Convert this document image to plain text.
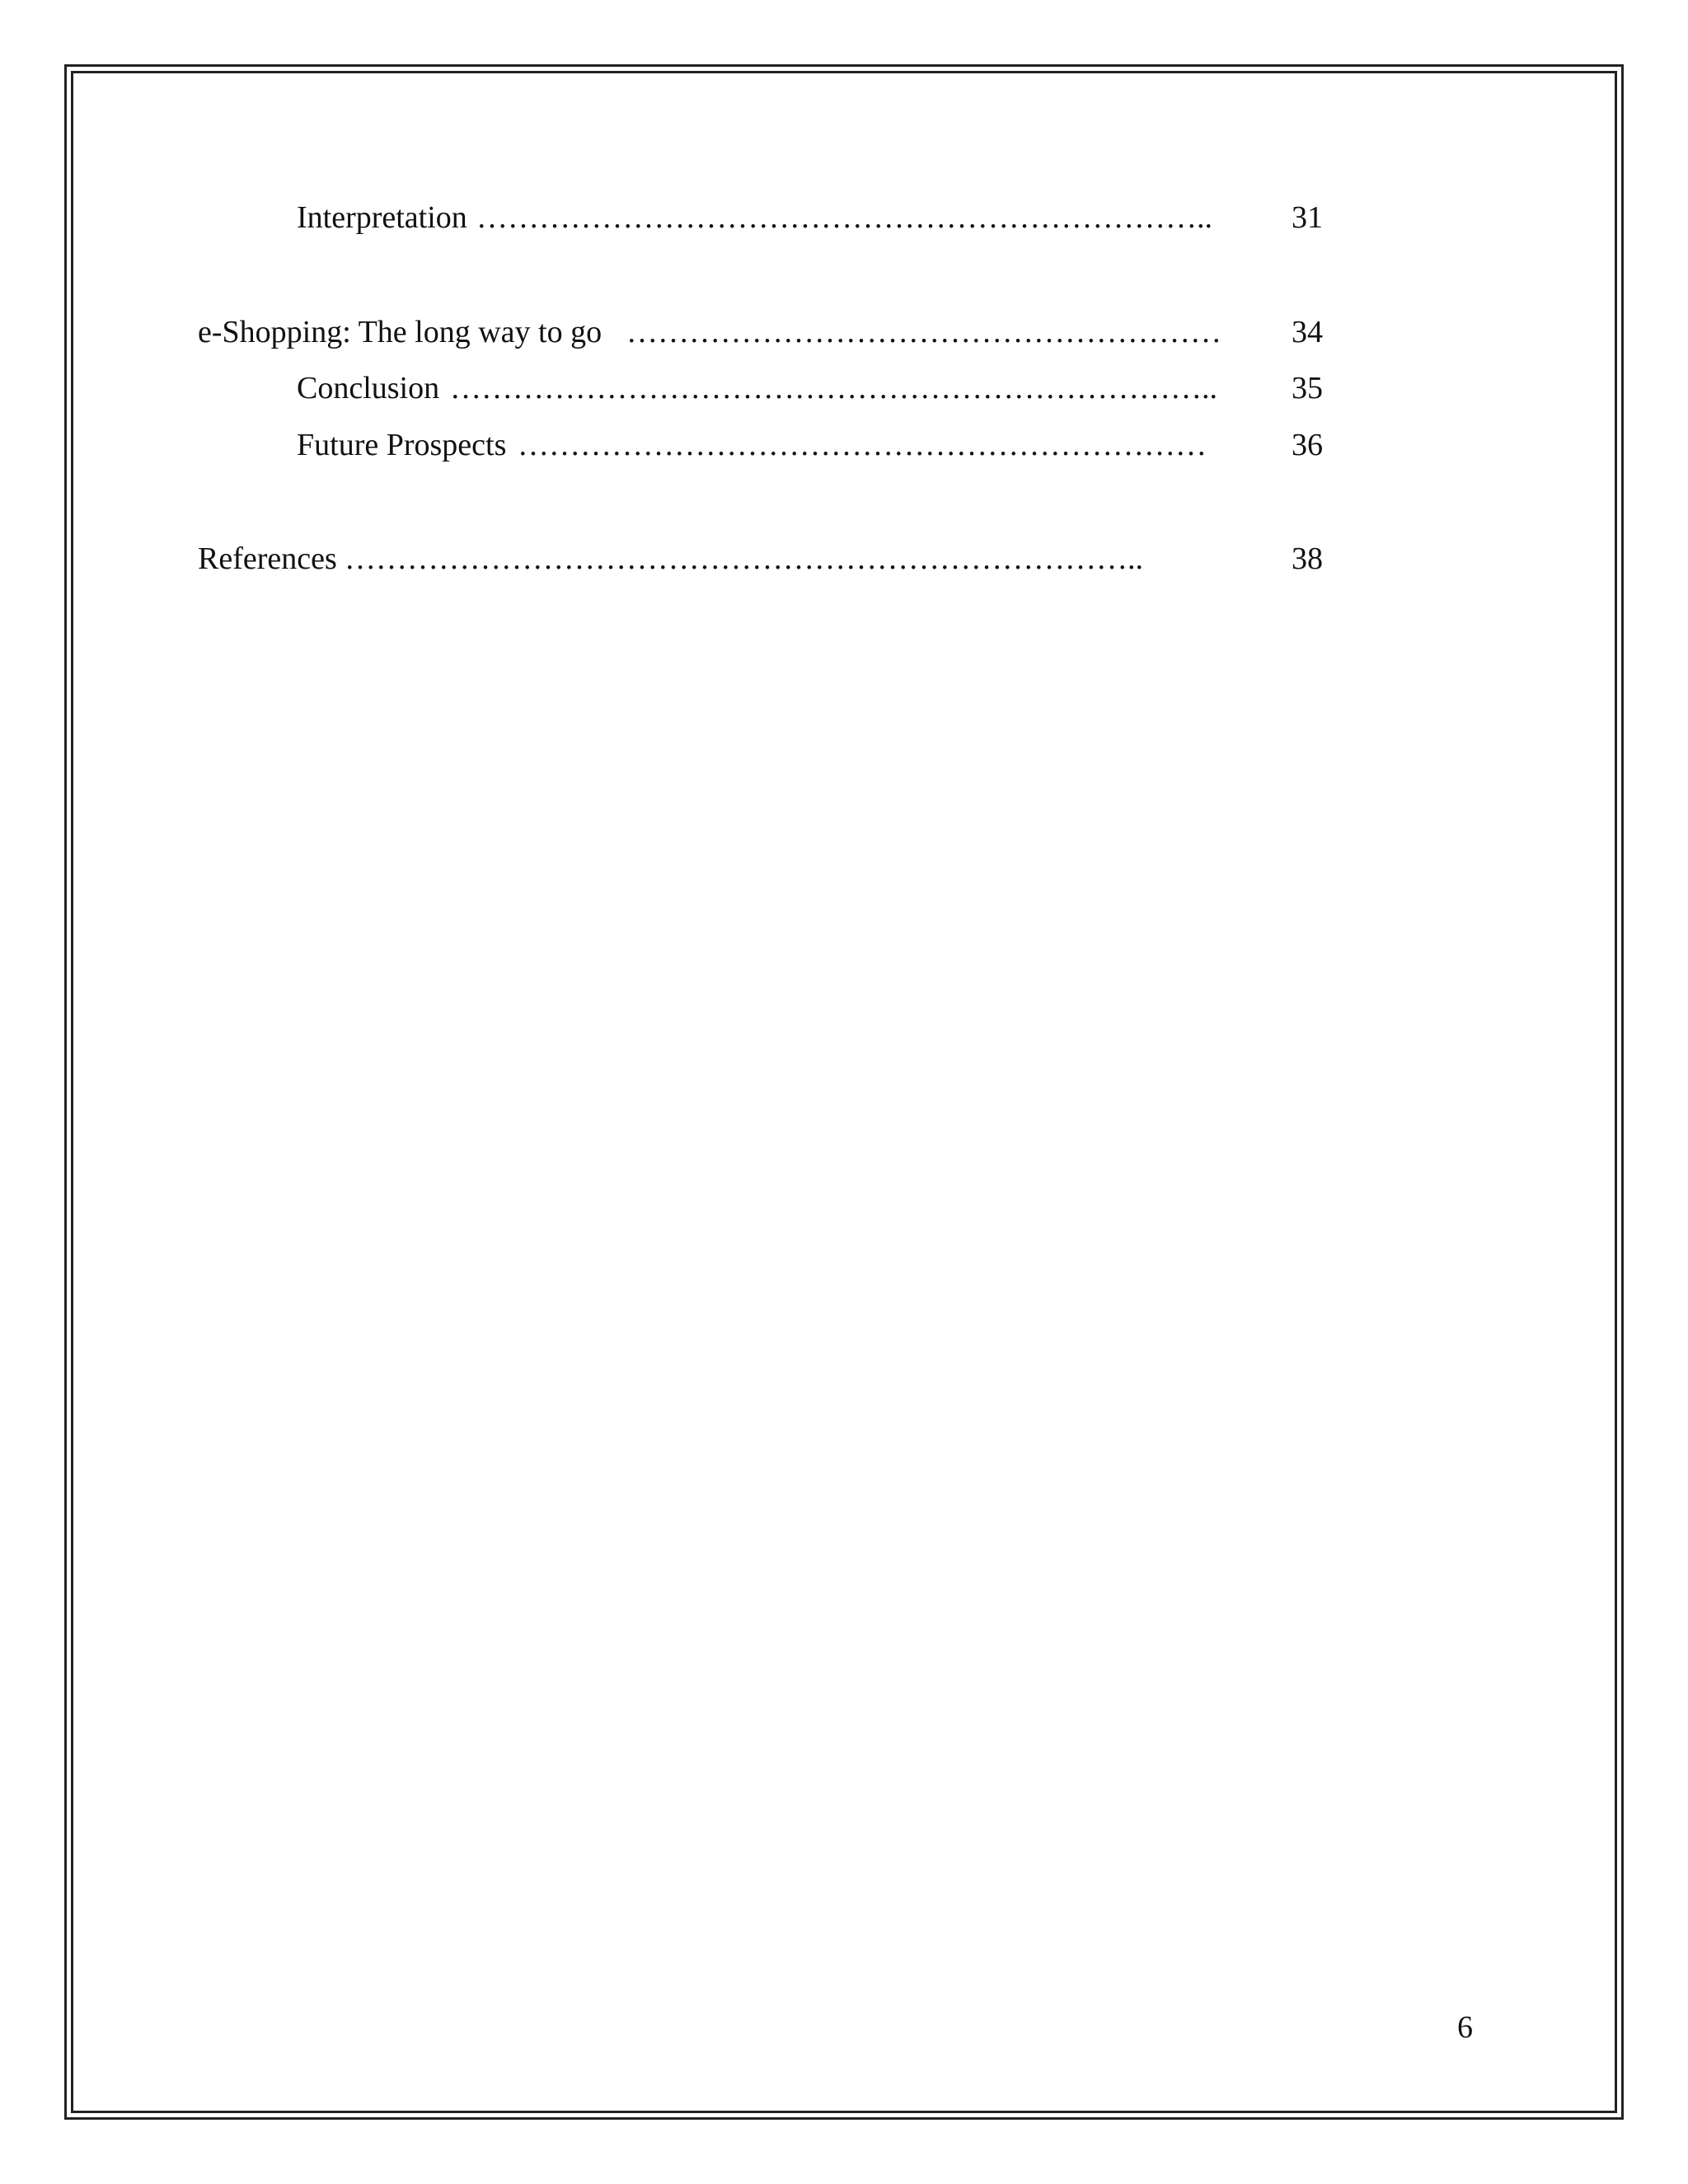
Interpretation ……………………………………………………………..	31
e-Shopping: The long way to go …………………………………………………	34
Conclusion ………………………………………………………………..	35
Future Prospects …………………………………………………………	36
References …………………………………………………………………..	38
6
